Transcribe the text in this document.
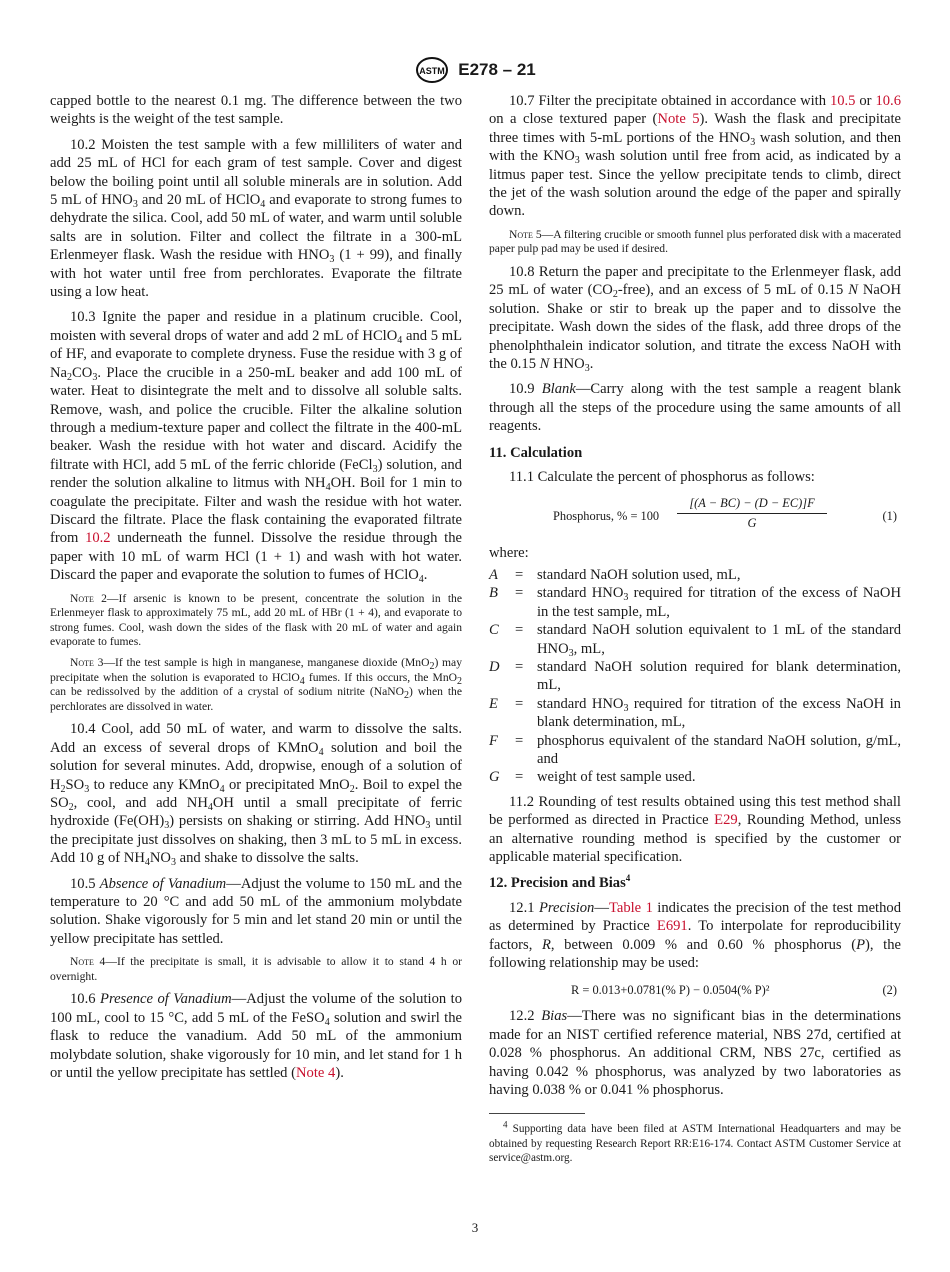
ASTM E278 – 21

capped bottle to the nearest 0.1 mg. The difference between the two weights is the weight of the test sample.

10.2 Moisten the test sample with a few milliliters of water and add 25 mL of HCl for each gram of test sample. Cover and digest below the boiling point until all soluble minerals are in solution. Add 5 mL of $HNO_3$ and 20 mL of HClO$_4$ and evaporate to strong fumes to dehydrate the silica. Cool, add 50 mL of water, and warm until soluble salts are in solution. Filter and collect the filtrate in a 300-mL Erlenmeyer flask. Wash the residue with $HNO_3$ (1 + 99), and finally with hot water until free from perchlorates. Evaporate the filtrate using a low heat.

10.3 Ignite the paper and residue in a platinum crucible. Cool, moisten with several drops of water and add 2 mL of HClO$_4$ and 5 mL of HF, and evaporate to complete dryness. Fuse the residue with 3 g of $Na_2CO_3$. Place the crucible in a 250-mL beaker and add 100 mL of water. Heat to disintegrate the melt and to dissolve all soluble salts. Remove, wash, and police the crucible. Filter the alkaline solution through a medium-texture paper and collect the filtrate in the 400-mL beaker. Wash the residue with hot water and discard. Acidify the filtrate with HCl, add 5 mL of the ferric chloride (FeCl$_3$) solution, and render the solution alkaline to litmus with $NH_4OH$. Boil for 1 min to coagulate the precipitate. Filter and wash the residue with hot water. Discard the filtrate. Place the flask containing the evaporated filtrate from 10.2 underneath the funnel. Dissolve the residue through the paper with 10 mL of warm HCl (1 + 1) and wash with hot water. Discard the paper and evaporate the solution to fumes of HClO$_4$.

Note 2—If arsenic is known to be present, concentrate the solution in the Erlenmeyer flask to approximately 75 mL, add 20 mL of HBr (1 + 4), and evaporate to strong fumes. Cool, wash down the sides of the flask with 20 mL of water and again evaporate to fumes.
Note 3—If the test sample is high in manganese, manganese dioxide (MnO$_2$) may precipitate when the solution is evaporated to HClO$_4$ fumes. If this occurs, the MnO$_2$ can be redissolved by the addition of a crystal of sodium nitrite (NaNO$_2$) when the perchlorates are dissolved in water.

10.4 Cool, add 50 mL of water, and warm to dissolve the salts. Add an excess of several drops of KMnO$_4$ solution and boil the solution for several minutes. Add, dropwise, enough of a solution of $H_2SO_3$ to reduce any KMnO$_4$ or precipitated MnO$_2$. Boil to expel the $SO_2$, cool, and add $NH_4OH$ until a small precipitate of ferric hydroxide $(Fe(OH)_3)$ persists on shaking or stirring. Add $HNO_3$ until the precipitate just dissolves on shaking, then 3 mL to 5 mL in excess. Add 10 g of $NH_4NO_3$ and shake to dissolve the salts.

10.5 Absence of Vanadium—Adjust the volume to 150 mL and the temperature to 20 °C and add 50 mL of the ammonium molybdate solution. Shake vigorously for 5 min and let stand 20 min or until the yellow precipitate has settled.

Note 4—If the precipitate is small, it is advisable to allow it to stand 4 h or overnight.

10.6 Presence of Vanadium—Adjust the volume of the solution to 100 mL, cool to 15 °C, add 5 mL of the FeSO$_4$ solution and swirl the flask to reduce the vanadium. Add 50 mL of the ammonium molybdate solution, shake vigorously for 10 min, and let stand for 1 h or until the yellow precipitate has settled (Note 4).

10.7 Filter the precipitate obtained in accordance with 10.5 or 10.6 on a close textured paper (Note 5). Wash the flask and precipitate three times with 5-mL portions of the $HNO_3$ wash solution, and then with the $KNO_3$ wash solution until free from acid, as indicated by a litmus paper test. Since the yellow precipitate tends to climb, direct the jet of the wash solution around the edge of the paper and spirally down.

Note 5—A filtering crucible or smooth funnel plus perforated disk with a macerated paper pulp pad may be used if desired.

10.8 Return the paper and precipitate to the Erlenmeyer flask, add 25 mL of water $(CO_2-free)$, and an excess of 5 mL of 0.15 N NaOH solution. Shake or stir to break up the paper and to dissolve the precipitate. Wash down the sides of the flask, add three drops of the phenolphthalein indicator solution, and titrate the excess NaOH with the 0.15 N $HNO_3$.

10.9 Blank—Carry along with the test sample a reagent blank through all the steps of the procedure using the same amounts of all reagents.

11. Calculation

11.1 Calculate the percent of phosphorus as follows:

Phosphorus, % = $100 \frac{[(A - BC) - (D - EC)]F}{G}$	(1)
where:
A	= standard NaOH solution used, mL,
B	= standard $HNO_3$ required for titration of the excess of NaOH in the test sample, mL,
C	= standard NaOH solution equivalent to 1 mL of the standard $HNO_3$, mL,
D	= standard NaOH solution required for blank determination, mL,
E	= standard $HNO_3$ required for titration of the excess NaOH in blank determination, mL,
F	= phosphorus equivalent of the standard NaOH solution, g/mL, and
G	= weight of test sample used.

11.2 Rounding of test results obtained using this test method shall be performed as directed in Practice E29, Rounding Method, unless an alternative rounding method is specified by the customer or applicable material specification.

12. Precision and Bias$^4$

12.1 Precision—Table 1 indicates the precision of the test method as determined by Practice E691. To interpolate for reproducibility factors, R, between 0.009 % and 0.60 % phosphorus (P), the following relationship may be used:

R = 0.013+0.0781(% P) − 0.0504(% P)²	(2)

12.2 Bias—There was no significant bias in the determinations made for an NIST certified reference material, NBS 27d, certified at 0.028 % phosphorus. An additional CRM, NBS 27c, certified as having 0.042 % phosphorus, was analyzed by two laboratories as having 0.038 % or 0.041 % phosphorus.

$^4$ Supporting data have been filed at ASTM International Headquarters and may be obtained by requesting Research Report RR:E16-174. Contact ASTM Customer Service at service@astm.org.
3
